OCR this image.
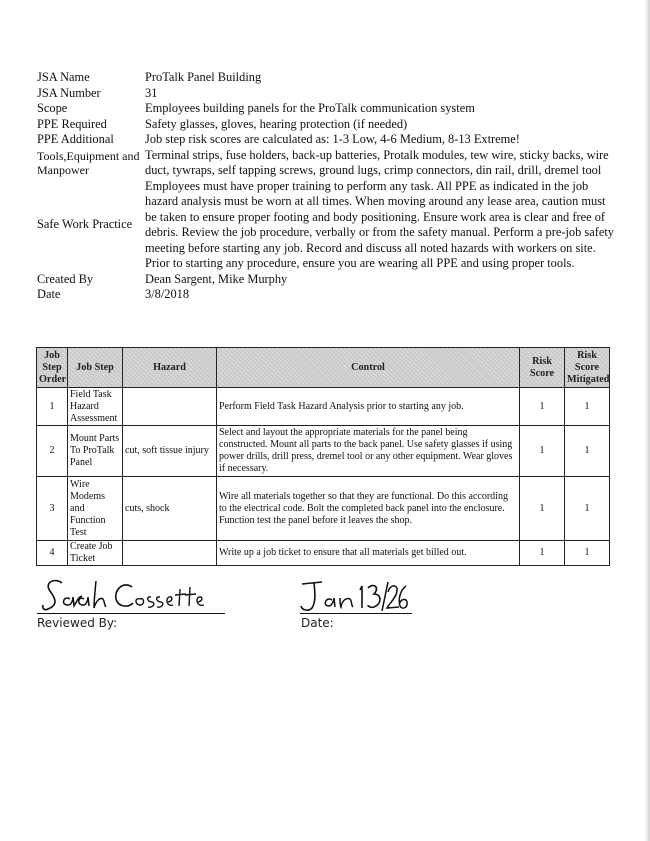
JSA Name	ProTalk Panel Building
JSA Number	31
Scope	Employees building panels for the ProTalk communication system
PPE Required	Safety glasses, gloves, hearing protection (if needed)
PPE Additional	Job step risk scores are calculated as: 1-3 Low, 4-6 Medium, 8-13 Extreme!
Tools,Equipment and Manpower
Terminal strips, fuse holders, back-up batteries, Protalk modules, tew wire, sticky backs, wire duct, tywraps, self tapping screws, ground lugs, crimp connectors, din rail, drill, dremel tool
Safe Work Practice
Employees must have proper training to perform any task. All PPE as indicated in the job hazard analysis must be worn at all times. When moving around any lease area, caution must be taken to ensure proper footing and body positioning. Ensure work area is clear and free of debris. Review the job procedure, verbally or from the safety manual. Perform a pre-job safety meeting before starting any job. Record and discuss all noted hazards with workers on site. Prior to starting any procedure, ensure you are wearing all PPE and using proper tools.
Created By	Dean Sargent, Mike Murphy
Date	3/8/2018
Job Step Order	Job Step	Hazard	Control	Risk Score	Risk Score Mitigated
1	Field Task Hazard Assessment		Perform Field Task Hazard Analysis prior to starting any job.	1	1
2	Mount Parts To ProTalk Panel	cut, soft tissue injury	Select and layout the appropriate materials for the panel being constructed. Mount all parts to the back panel. Use safety glasses if using power drills, drill press, dremel tool or any other equipment. Wear gloves if necessary.	1	1
3	Wire Modems and Function Test	cuts, shock	Wire all materials together so that they are functional. Do this according to the electrical code. Bolt the completed back panel into the enclosure. Function test the panel before it leaves the shop.	1	1
4	Create Job Ticket		Write up a job ticket to ensure that all materials get billed out.	1	1
Reviewed By:	Date:
